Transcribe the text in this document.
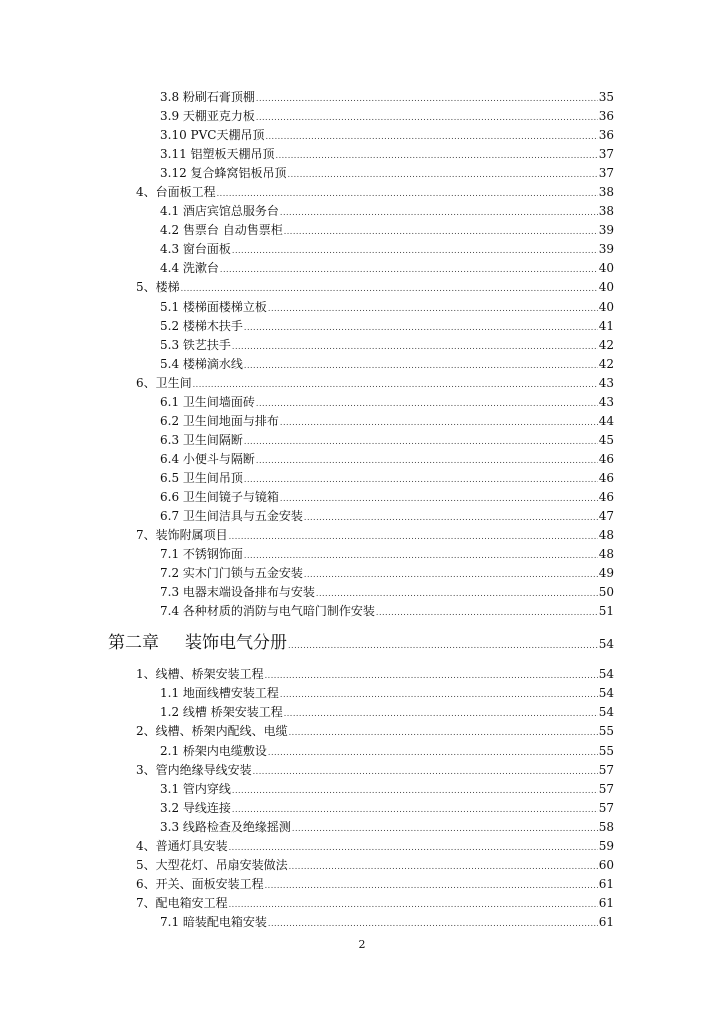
3.8 粉刷石膏顶棚 .....	35
3.9 天棚亚克力板 .....	36
3.10 PVC天棚吊顶 .....	36
3.11 铝塑板天棚吊顶 .....	37
3.12 复合蜂窝铝板吊顶 .....	37
4、台面板工程 .....	38
4.1 酒店宾馆总服务台 .....	38
4.2 售票台 自动售票柜 .....	39
4.3 窗台面板 .....	39
4.4 洗漱台 .....	40
5、楼梯 .....	40
5.1 楼梯面楼梯立板 .....	40
5.2 楼梯木扶手 .....	41
5.3 铁艺扶手 .....	42
5.4 楼梯滴水线 .....	42
6、卫生间 .....	43
6.1 卫生间墙面砖 .....	43
6.2 卫生间地面与排布 .....	44
6.3 卫生间隔断 .....	45
6.4 小便斗与隔断 .....	46
6.5 卫生间吊顶 .....	46
6.6 卫生间镜子与镜箱 .....	46
6.7 卫生间洁具与五金安装 .....	47
7、装饰附属项目 .....	48
7.1 不锈钢饰面 .....	48
7.2 实木门门锁与五金安装 .....	49
7.3 电器末端设备排布与安装 .....	50
7.4 各种材质的消防与电气暗门制作安装 .....	51
第二章 装饰电气分册 .....	54
1、线槽、桥架安装工程 .....	54
1.1 地面线槽安装工程 .....	54
1.2 线槽 桥架安装工程 .....	54
2、线槽、桥架内配线、电缆 .....	55
2.1 桥架内电缆敷设 .....	55
3、管内绝缘导线安装 .....	57
3.1 管内穿线 .....	57
3.2 导线连接 .....	57
3.3 线路检查及绝缘摇测 .....	58
4、普通灯具安装 .....	59
5、大型花灯、吊扇安装做法 .....	60
6、开关、面板安装工程 .....	61
7、配电箱安工程 .....	61
7.1 暗装配电箱安装 .....	61
2
